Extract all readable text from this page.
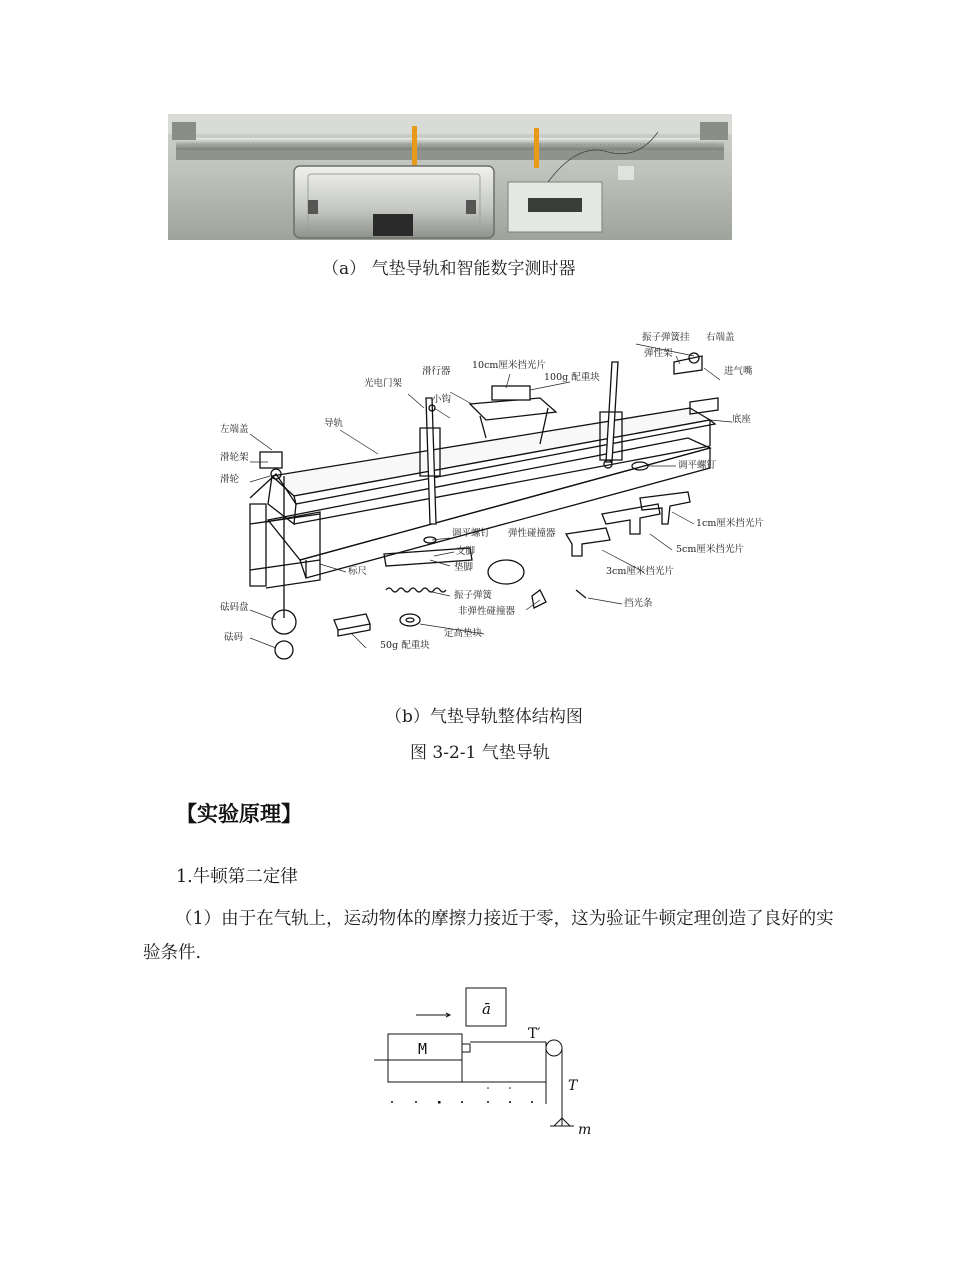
（a） 气垫导轨和智能数字测时器
振子弹簧挂 右端盖
弹性架
进气嘴
滑行器
10cm厘米挡光片
100g 配重块
光电门架
小钩
左端盖
导轨	底座
滑轮架
滑轮
调平螺钉
1cm厘米挡光片
调平螺钉 弹性碰撞器
支脚	5cm厘米挡光片
垫脚
标尺	3cm厘米挡光片
振子弹簧
非弹性碰撞器
挡光条
砝码盘
定高垫块
砝码
50g 配重块
（b）气垫导轨整体结构图
图 3-2-1 气垫导轨
【实验原理】
1.牛顿第二定律
（1）由于在气轨上，运动物体的摩擦力接近于零，这为验证牛顿定理创造了良好的实验条件.
ā
M
T′
T
m
